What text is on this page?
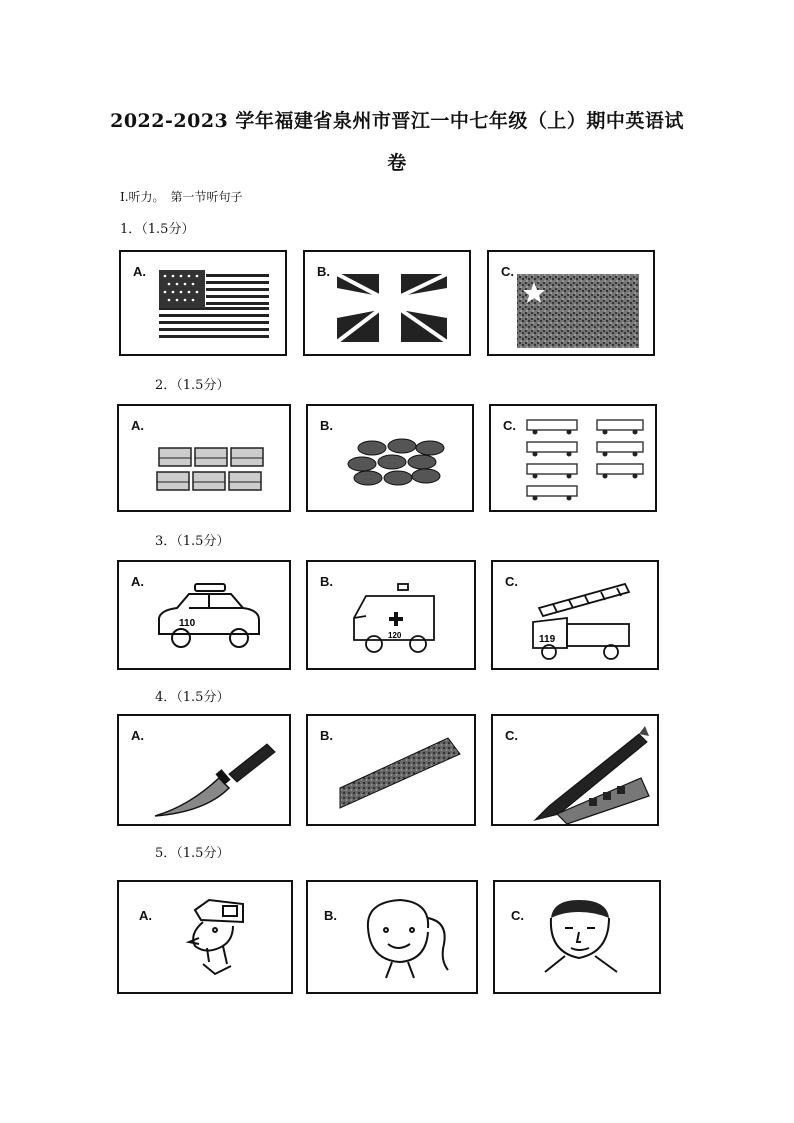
2022-2023 学年福建省泉州市晋江一中七年级（上）期中英语试
卷
Ⅰ.听力。　第一节听句子
1．（1.5分）
A.	B.	C.
2．（1.5分）
A.	B.	C.
3．（1.5分）
A.
110
B.
120
C.
119
4．（1.5分）
A.	B.	C.
5．（1.5分）
A.	B.	C.
